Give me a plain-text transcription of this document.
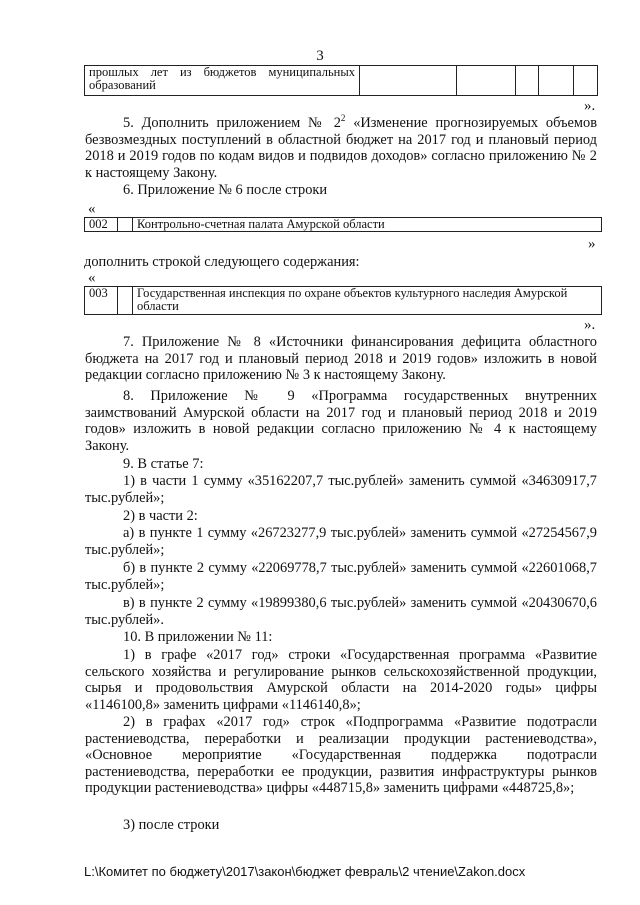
3
прошлых лет из бюджетов муниципальных образований					
».
5. Дополнить приложением № $2^2$ «Изменение прогнозируемых объемов безвозмездных поступлений в областной бюджет на 2017 год и плановый период 2018 и 2019 годов по кодам видов и подвидов доходов» согласно приложению № 2 к настоящему Закону.
6. Приложение № 6 после строки
«
002		Контрольно-счетная палата Амурской области
»
дополнить строкой следующего содержания:
«
003		Государственная инспекция по охране объектов культурного наследия Амурской области
».
7. Приложение № 8 «Источники финансирования дефицита областного бюджета на 2017 год и плановый период 2018 и 2019 годов» изложить в новой редакции согласно приложению № 3 к настоящему Закону.
8. Приложение № 9 «Программа государственных внутренних заимствований Амурской области на 2017 год и плановый период 2018 и 2019 годов» изложить в новой редакции согласно приложению № 4 к настоящему Закону.
9. В статье 7:
1) в части 1 сумму «35162207,7 тыс.рублей» заменить суммой «34630917,7 тыс.рублей»;
2) в части 2:
а) в пункте 1 сумму «26723277,9 тыс.рублей» заменить суммой «27254567,9 тыс.рублей»;
б) в пункте 2 сумму «22069778,7 тыс.рублей» заменить суммой «22601068,7 тыс.рублей»;
в) в пункте 2 сумму «19899380,6 тыс.рублей» заменить суммой «20430670,6 тыс.рублей».
10. В приложении № 11:
1) в графе «2017 год» строки «Государственная программа «Развитие сельского хозяйства и регулирование рынков сельскохозяйственной продукции, сырья и продовольствия Амурской области на 2014-2020 годы» цифры «1146100,8» заменить цифрами «1146140,8»;
2) в графах «2017 год» строк «Подпрограмма «Развитие подотрасли растениеводства, переработки и реализации продукции растениеводства», «Основное мероприятие «Государственная поддержка подотрасли растениеводства, переработки ее продукции, развития инфраструктуры рынков продукции растениеводства» цифры «448715,8» заменить цифрами «448725,8»;
3) после строки
L:\Комитет по бюджету\2017\закон\бюджет февраль\2 чтение\Zakon.docx
